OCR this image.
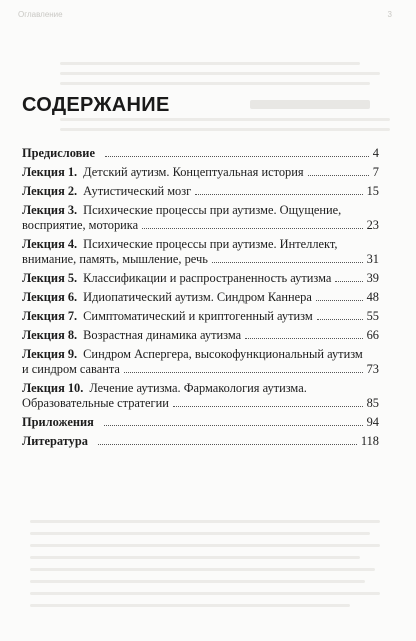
Оглавление	3
СОДЕРЖАНИЕ
Предисловие	4
Лекция 1. Детский аутизм. Концептуальная история	7
Лекция 2. Аутистический мозг	15
Лекция 3. Психические процессы при аутизме. Ощущение,
восприятие, моторика	23
Лекция 4. Психические процессы при аутизме. Интеллект,
внимание, память, мышление, речь	31
Лекция 5. Классификации и распространенность аутизма	39
Лекция 6. Идиопатический аутизм. Синдром Каннера	48
Лекция 7. Симптоматический и криптогенный аутизм	55
Лекция 8. Возрастная динамика аутизма	66
Лекция 9. Синдром Аспергера, высокофункциональный аутизм
и синдром саванта	73
Лекция 10. Лечение аутизма. Фармакология аутизма.
Образовательные стратегии	85
Приложения	94
Литература	118
